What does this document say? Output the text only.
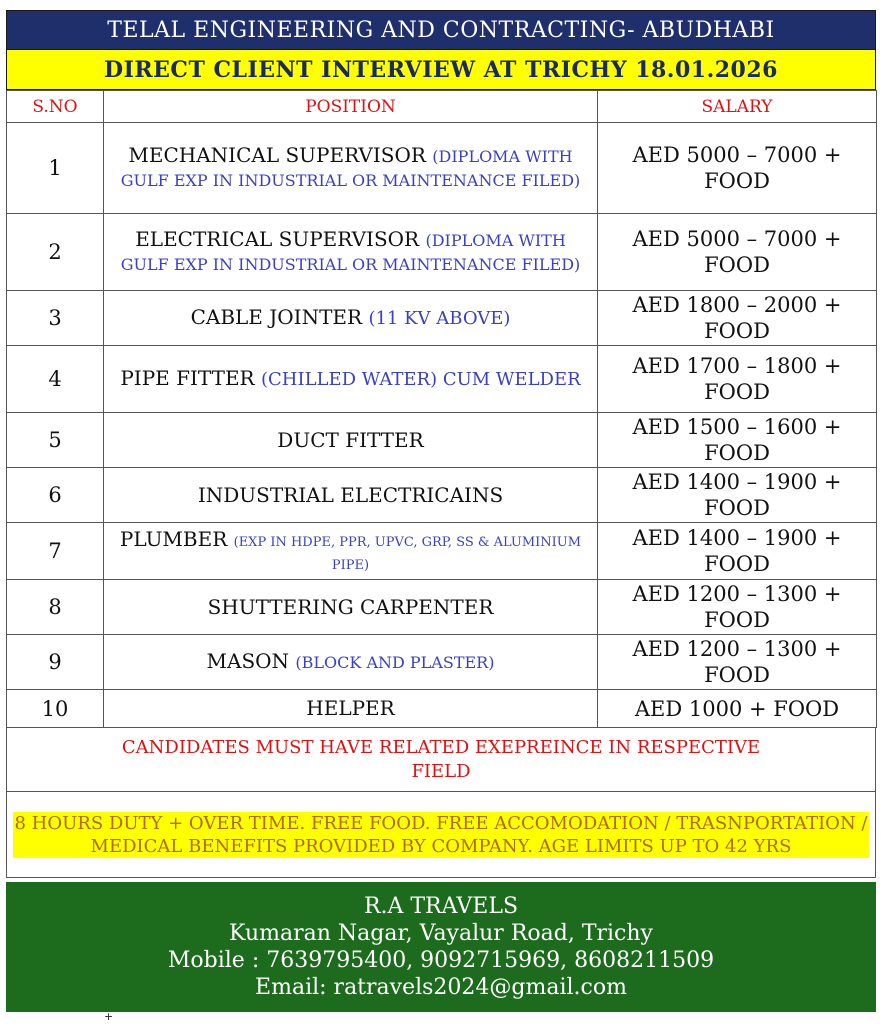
TELAL ENGINEERING AND CONTRACTING- ABUDHABI
DIRECT CLIENT INTERVIEW AT TRICHY 18.01.2026
S.NO	POSITION	SALARY
1	MECHANICAL SUPERVISOR (DIPLOMA WITH GULF EXP IN INDUSTRIAL OR MAINTENANCE FILED)	AED 5000 – 7000 + FOOD
2	ELECTRICAL SUPERVISOR (DIPLOMA WITH GULF EXP IN INDUSTRIAL OR MAINTENANCE FILED)	AED 5000 – 7000 + FOOD
3	CABLE JOINTER (11 KV ABOVE)	AED 1800 – 2000 + FOOD
4	PIPE FITTER (CHILLED WATER) CUM WELDER	AED 1700 – 1800 + FOOD
5	DUCT FITTER	AED 1500 – 1600 + FOOD
6	INDUSTRIAL ELECTRICAINS	AED 1400 – 1900 + FOOD
7	PLUMBER (EXP IN HDPE, PPR, UPVC, GRP, SS & ALUMINIUM PIPE)	AED 1400 – 1900 + FOOD
8	SHUTTERING CARPENTER	AED 1200 – 1300 + FOOD
9	MASON (BLOCK AND PLASTER)	AED 1200 – 1300 + FOOD
10	HELPER	AED 1000 + FOOD
CANDIDATES MUST HAVE RELATED EXEPREINCE IN RESPECTIVE FIELD
8 HOURS DUTY + OVER TIME. FREE FOOD. FREE ACCOMODATION / TRASNPORTATION / MEDICAL BENEFITS PROVIDED BY COMPANY. AGE LIMITS UP TO 42 YRS
R.A TRAVELS
Kumaran Nagar, Vayalur Road, Trichy
Mobile : 7639795400, 9092715969, 8608211509
Email: ratravels2024@gmail.com
+
